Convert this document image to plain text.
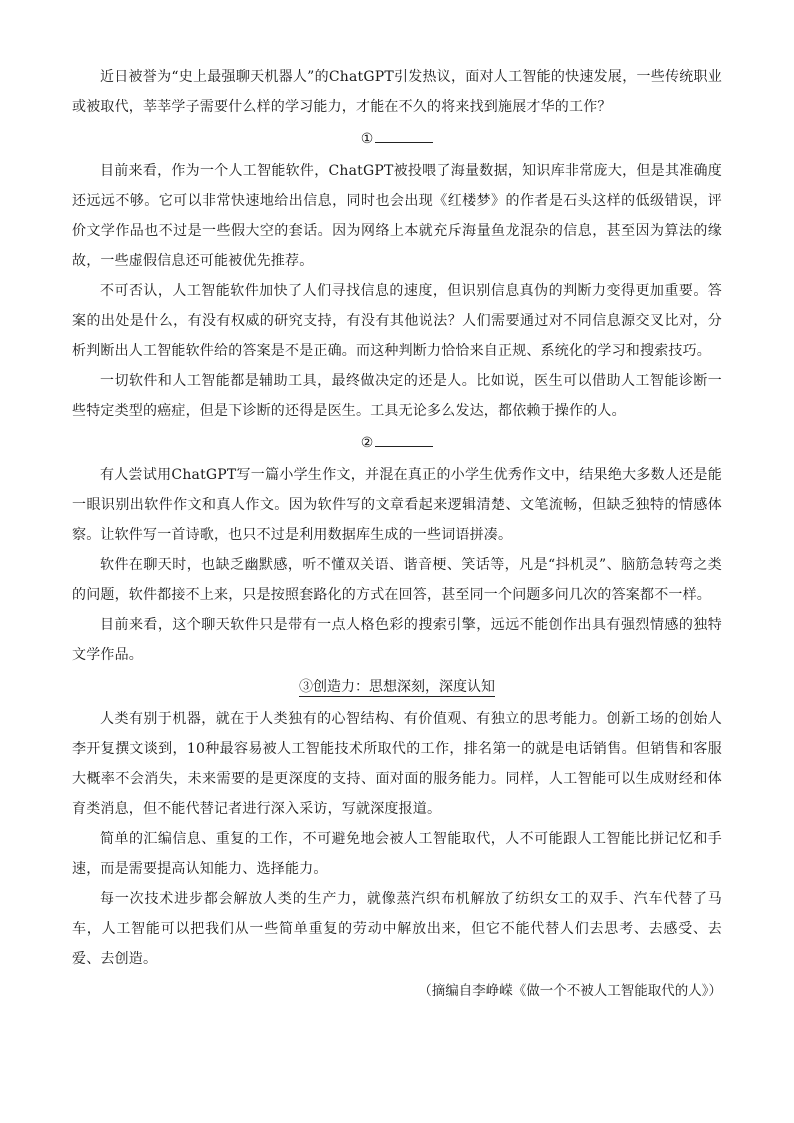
近日被誉为“史上最强聊天机器人”的ChatGPT引发热议，面对人工智能的快速发展，一些传统职业或被取代，莘莘学子需要什么样的学习能力，才能在不久的将来找到施展才华的工作？

①

目前来看，作为一个人工智能软件，ChatGPT被投喂了海量数据，知识库非常庞大，但是其准确度还远远不够。它可以非常快速地给出信息，同时也会出现《红楼梦》的作者是石头这样的低级错误，评价文学作品也不过是一些假大空的套话。因为网络上本就充斥海量鱼龙混杂的信息，甚至因为算法的缘故，一些虚假信息还可能被优先推荐。

不可否认，人工智能软件加快了人们寻找信息的速度，但识别信息真伪的判断力变得更加重要。答案的出处是什么，有没有权威的研究支持，有没有其他说法？人们需要通过对不同信息源交叉比对，分析判断出人工智能软件给的答案是不是正确。而这种判断力恰恰来自正规、系统化的学习和搜索技巧。

一切软件和人工智能都是辅助工具，最终做决定的还是人。比如说，医生可以借助人工智能诊断一些特定类型的癌症，但是下诊断的还得是医生。工具无论多么发达，都依赖于操作的人。

②

有人尝试用ChatGPT写一篇小学生作文，并混在真正的小学生优秀作文中，结果绝大多数人还是能一眼识别出软件作文和真人作文。因为软件写的文章看起来逻辑清楚、文笔流畅，但缺乏独特的情感体察。让软件写一首诗歌，也只不过是利用数据库生成的一些词语拼凑。

软件在聊天时，也缺乏幽默感，听不懂双关语、谐音梗、笑话等，凡是“抖机灵”、脑筋急转弯之类的问题，软件都接不上来，只是按照套路化的方式在回答，甚至同一个问题多问几次的答案都不一样。

目前来看，这个聊天软件只是带有一点人格色彩的搜索引擎，远远不能创作出具有强烈情感的独特文学作品。

③创造力：思想深刻，深度认知

人类有别于机器，就在于人类独有的心智结构、有价值观、有独立的思考能力。创新工场的创始人李开复撰文谈到，10种最容易被人工智能技术所取代的工作，排名第一的就是电话销售。但销售和客服大概率不会消失，未来需要的是更深度的支持、面对面的服务能力。同样，人工智能可以生成财经和体育类消息，但不能代替记者进行深入采访，写就深度报道。

简单的汇编信息、重复的工作，不可避免地会被人工智能取代，人不可能跟人工智能比拼记忆和手速，而是需要提高认知能力、选择能力。

每一次技术进步都会解放人类的生产力，就像蒸汽织布机解放了纺织女工的双手、汽车代替了马车，人工智能可以把我们从一些简单重复的劳动中解放出来，但它不能代替人们去思考、去感受、去爱、去创造。

（摘编自李峥嵘《做一个不被人工智能取代的人》）
